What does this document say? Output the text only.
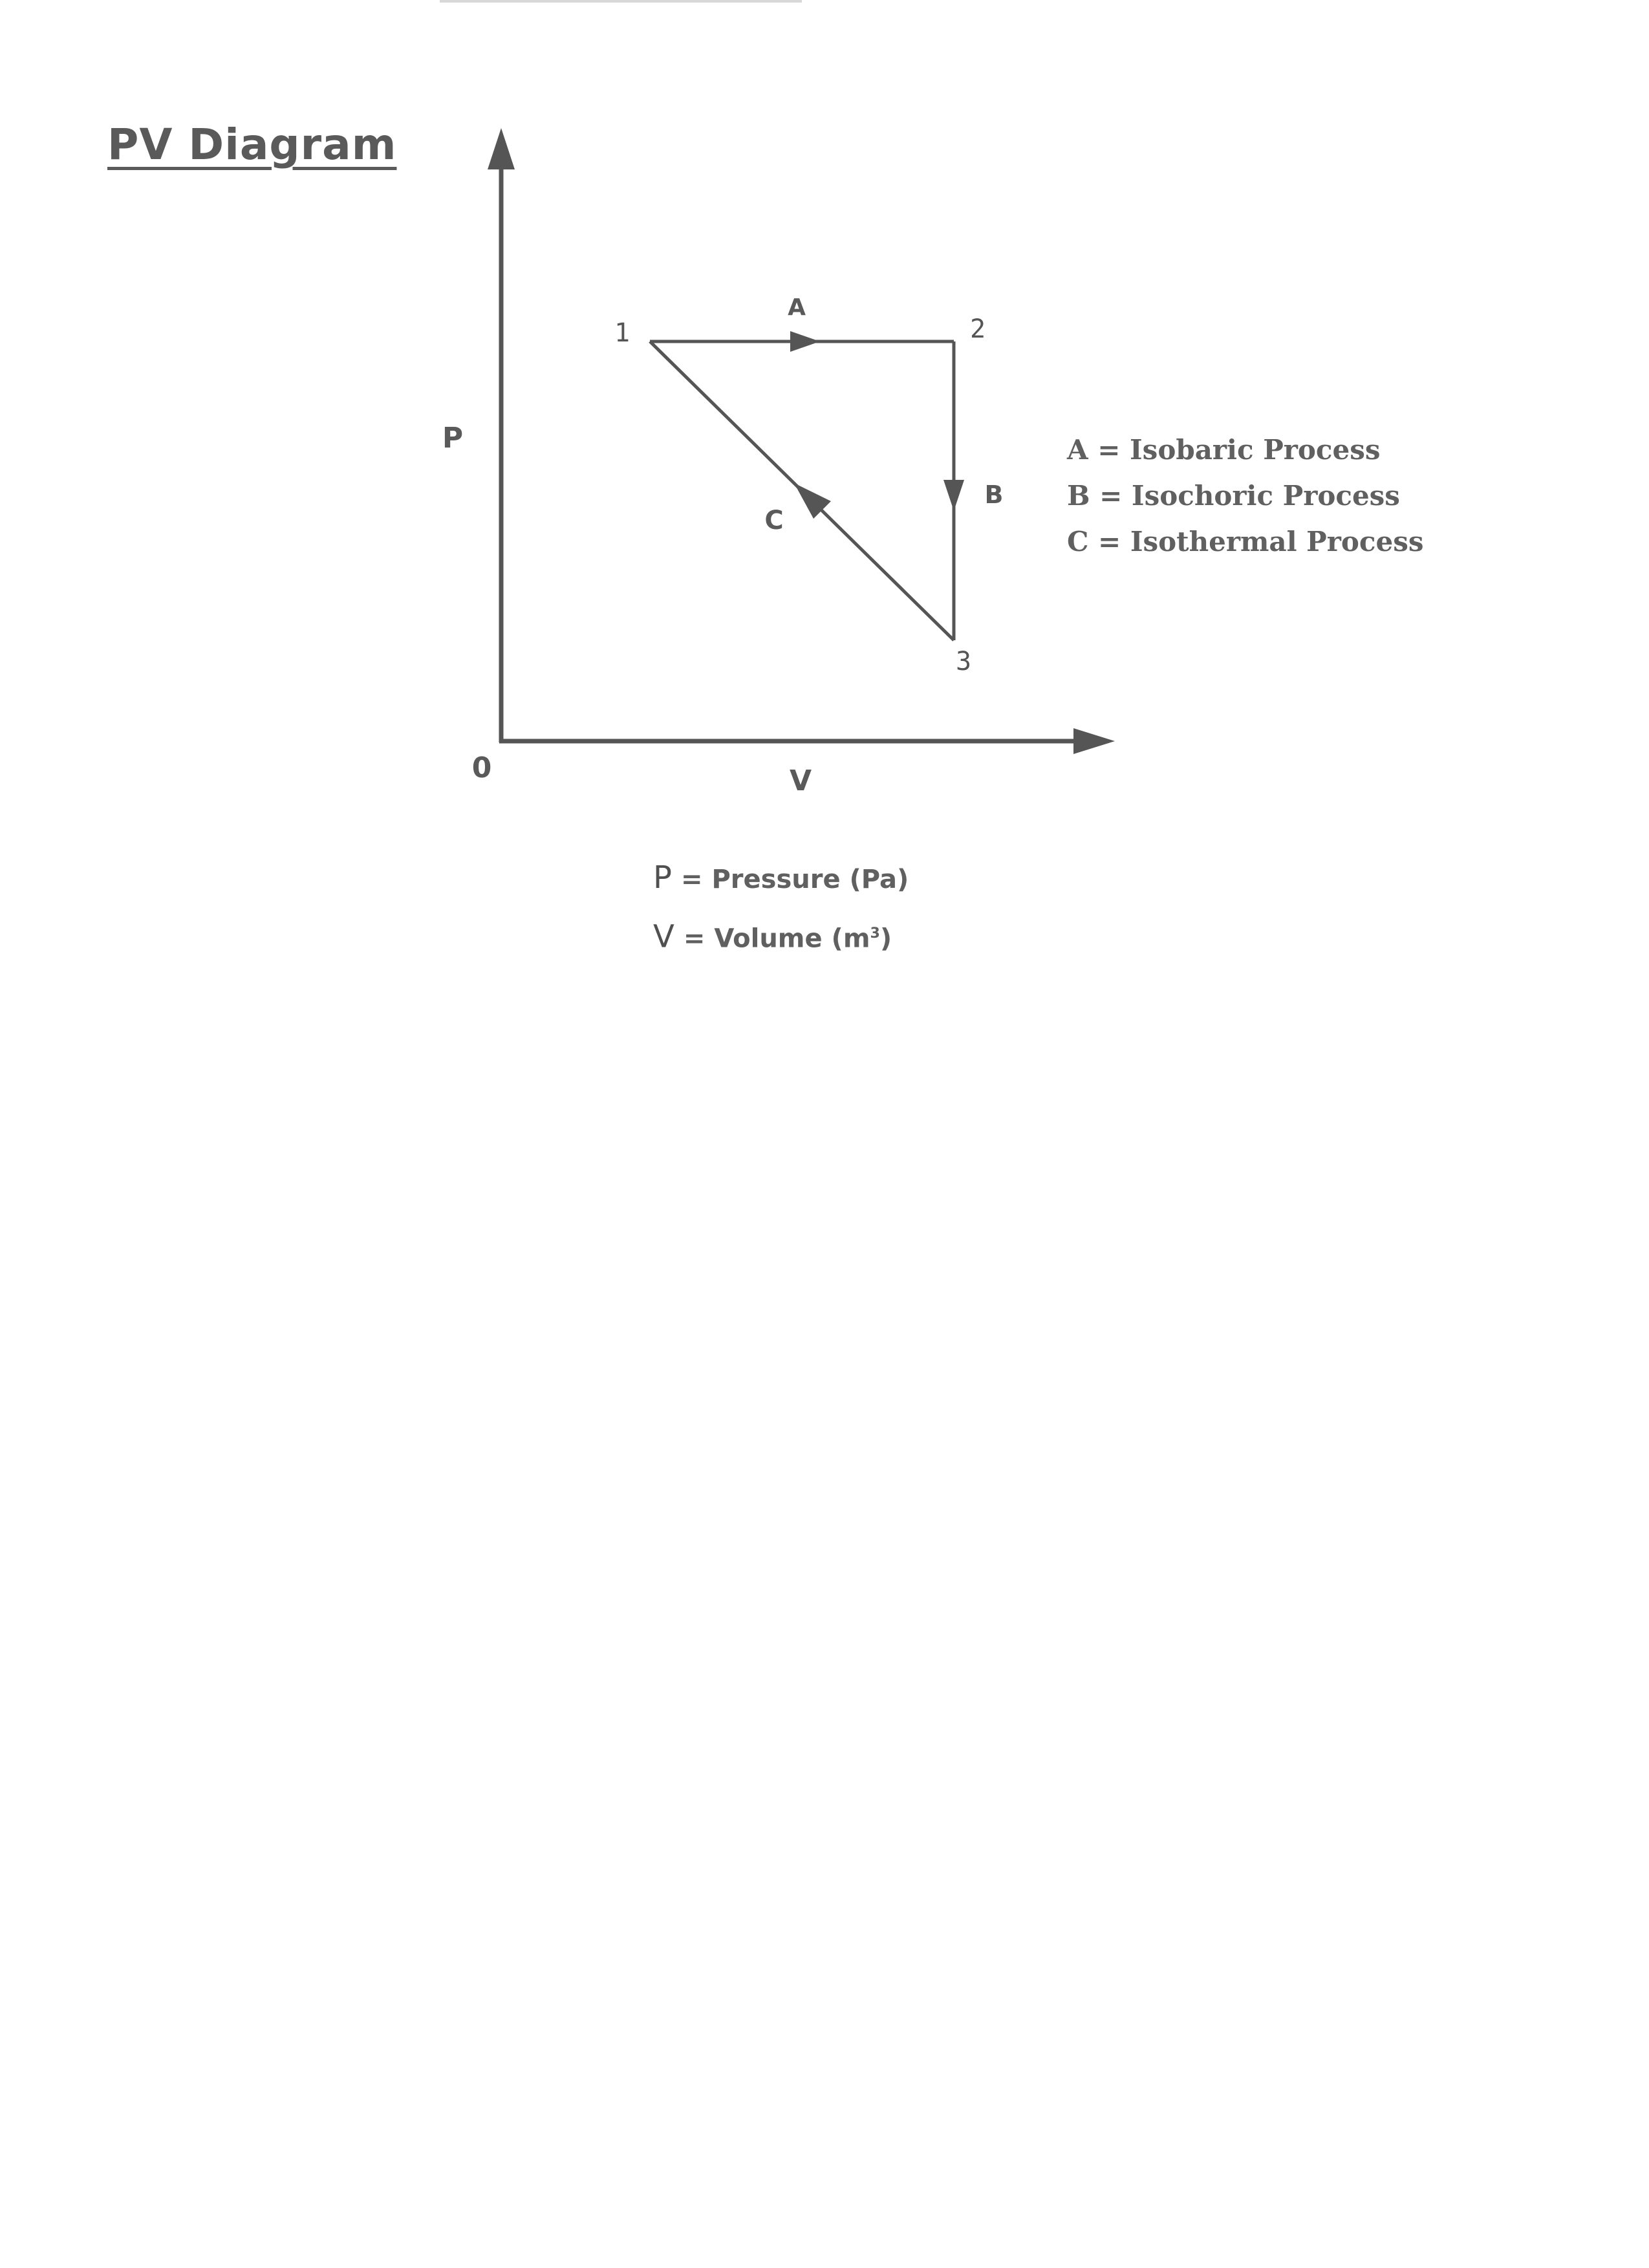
PV Diagram
0
P
V
1	2
3
A
B
C
A = Isobaric Process
B = Isochoric Process
C = Isothermal Process
P = Pressure (Pa)
V = Volume $(m^3)$
